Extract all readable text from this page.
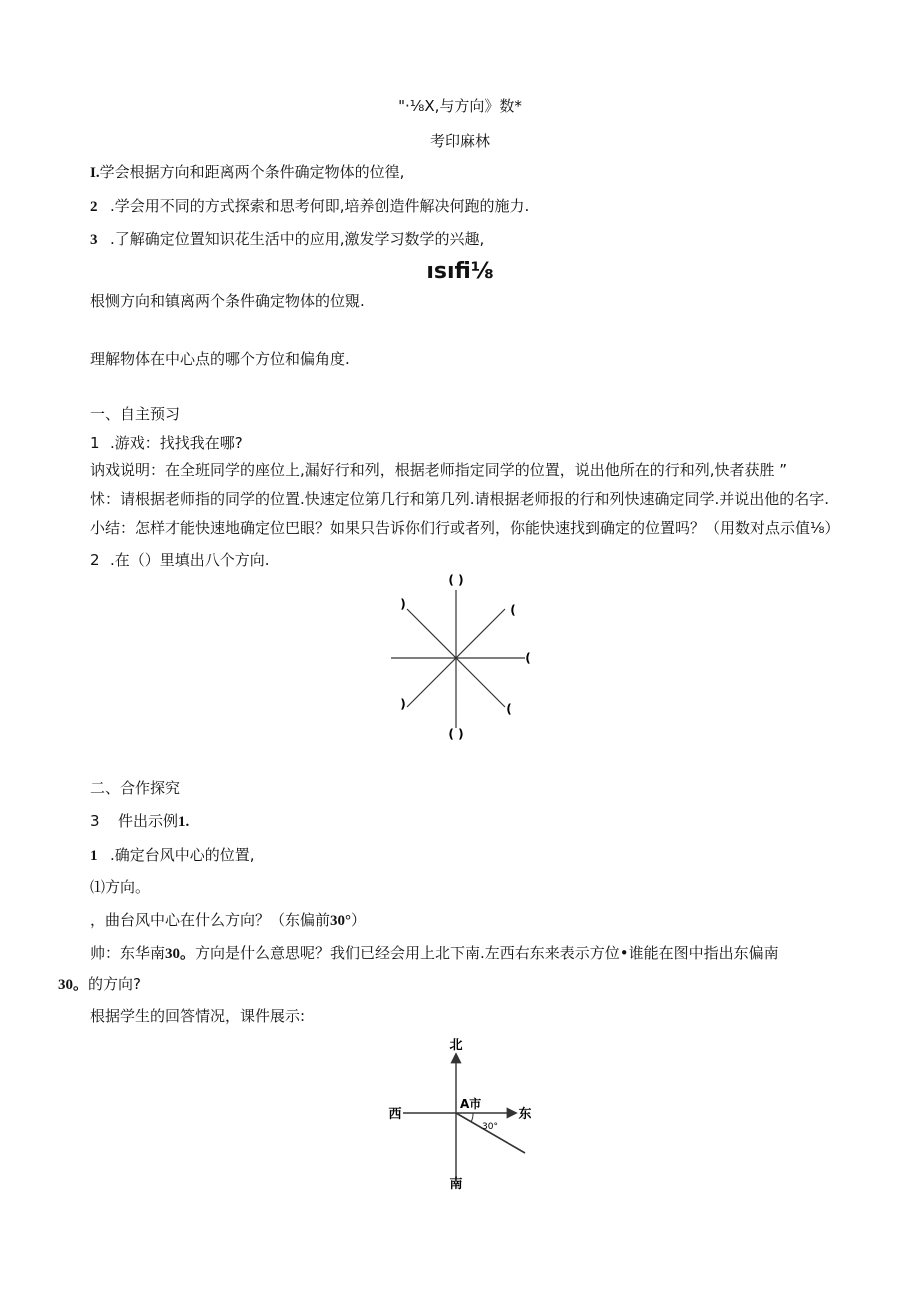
"·⅛X,与方向》数*
考印麻林
I.学会根据方向和距离两个条件确定物体的位徨,
2 .学会用不同的方式探索和思考何即,培养创造件解决何跑的施力.
3 .了解确定位置知识花生活中的应用,激发学习数学的兴趣,
ısıfi⅛
根恻方向和镇离两个条件确定物体的位覭.
理解物体在中心点的哪个方位和偏角度.
一、自主预习
1 .游戏：找找我在哪?
讷戏说明：在全班同学的座位上,漏好行和列，根据老师指定同学的位置，说出他所在的行和列,快者获胜 ”
怵：请根据老师指的同学的位置.快速定位第几行和第几列.请根据老师报的行和列快速确定同学.并说出他的名字.
小结：怎样才能快速地确定位巴眼？如果只告诉你们行或者列，你能快速找到确定的位置吗？（用数对点示值⅛）
2 .在（）里填出八个方向.
( )
)	(
(
)	(
( )
二、合作探究
3 件出示例1.
1 .确定台风中心的位置,
⑴方向。
，曲台风中心在什么方向？（东偏前30°）
帅：东华南30。方向是什么意思呢？我们已经会用上北下南.左西右东来表示方位•谁能在图中指出东偏南
30。的方向?
根据学生的回答情况，课件展示:
北
南
西	东
A市
30°
